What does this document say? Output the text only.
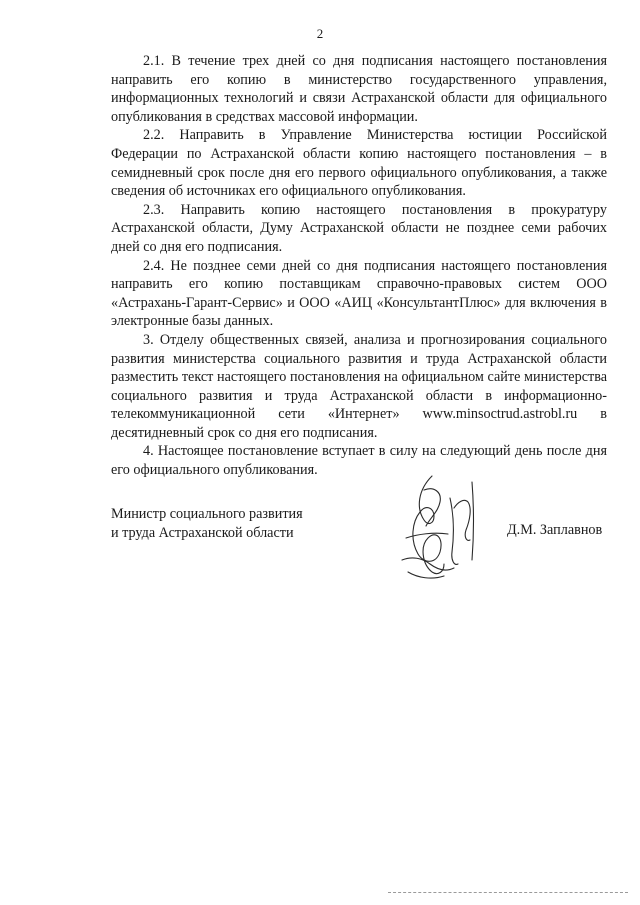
2

2.1. В течение трех дней со дня подписания настоящего постановления направить его копию в министерство государственного управления, информационных технологий и связи Астраханской области для официального опубликования в средствах массовой информации.

2.2. Направить в Управление Министерства юстиции Российской Федерации по Астраханской области копию настоящего постановления – в семидневный срок после дня его первого официального опубликования, а также сведения об источниках его официального опубликования.

2.3. Направить копию настоящего постановления в прокуратуру Астраханской области, Думу Астраханской области не позднее семи рабочих дней со дня его подписания.

2.4. Не позднее семи дней со дня подписания настоящего постановления направить его копию поставщикам справочно-правовых систем ООО «Астрахань-Гарант-Сервис» и ООО «АИЦ «КонсультантПлюс» для включения в электронные базы данных.

3. Отделу общественных связей, анализа и прогнозирования социального развития министерства социального развития и труда Астраханской области разместить текст настоящего постановления на официальном сайте министерства социального развития и труда Астраханской области в информационно-телекоммуникационной сети «Интернет» www.minsoctrud.astrobl.ru в десятидневный срок со дня его подписания.

4. Настоящее постановление вступает в силу на следующий день после дня его официального опубликования.

Министр социального развития
и труда Астраханской области	Д.М. Заплавнов
